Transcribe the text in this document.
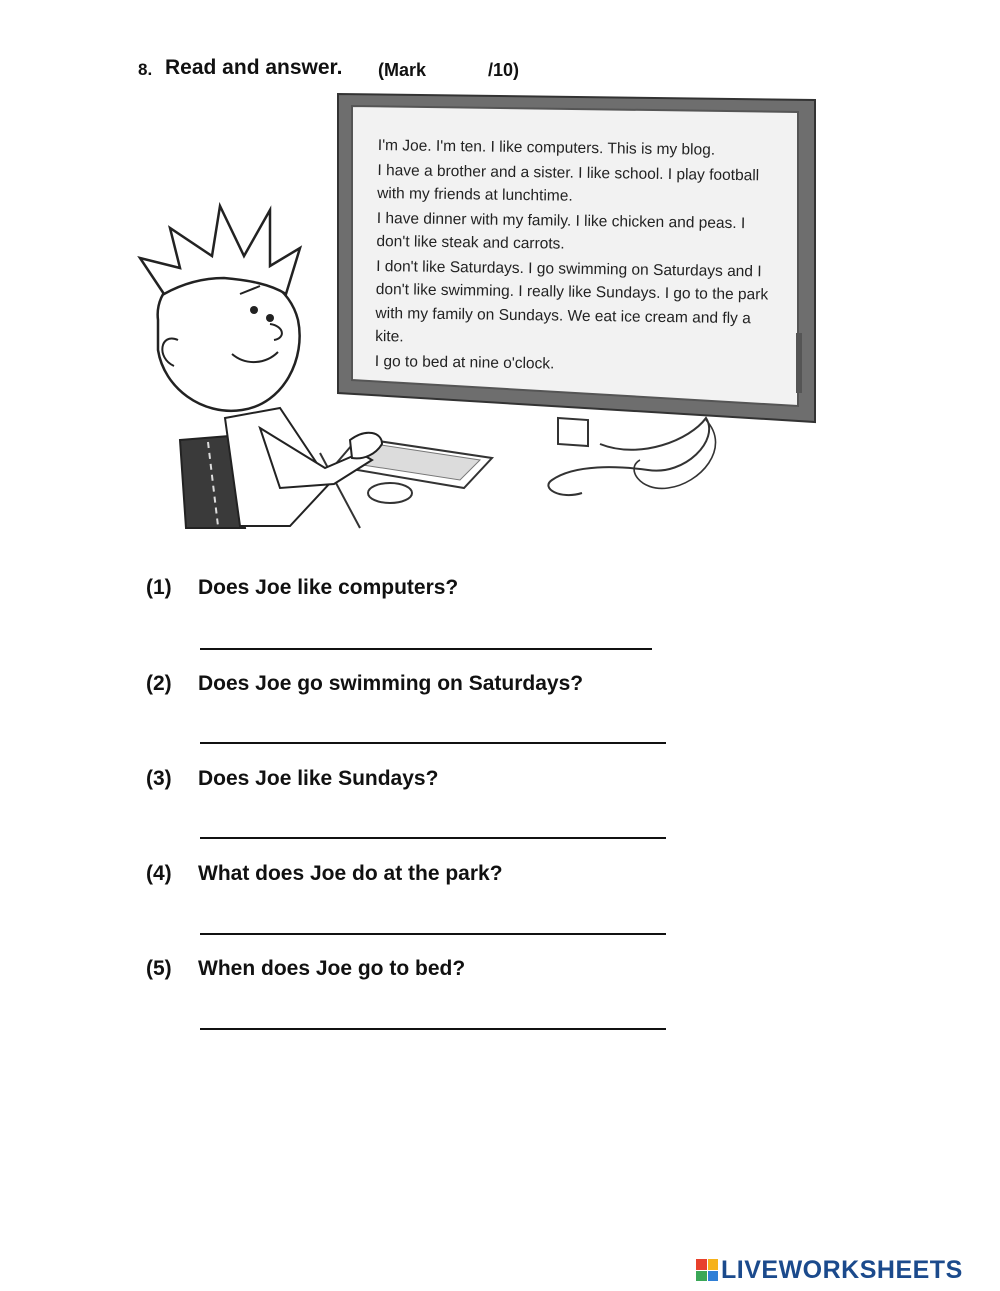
8. Read and answer. (Mark	/10)

I'm Joe. I'm ten. I like computers. This is my blog.

I have a brother and a sister. I like school. I play football with my friends at lunchtime.

I have dinner with my family. I like chicken and peas. I don't like steak and carrots.

I don't like Saturdays. I go swimming on Saturdays and I don't like swimming. I really like Sundays. I go to the park with my family on Sundays. We eat ice cream and fly a kite.

I go to bed at nine o'clock.

(1) Does Joe like computers?
(2) Does Joe go swimming on Saturdays?
(3) Does Joe like Sundays?
(4) What does Joe do at the park?
(5) When does Joe go to bed?
LIVEWORKSHEETS
